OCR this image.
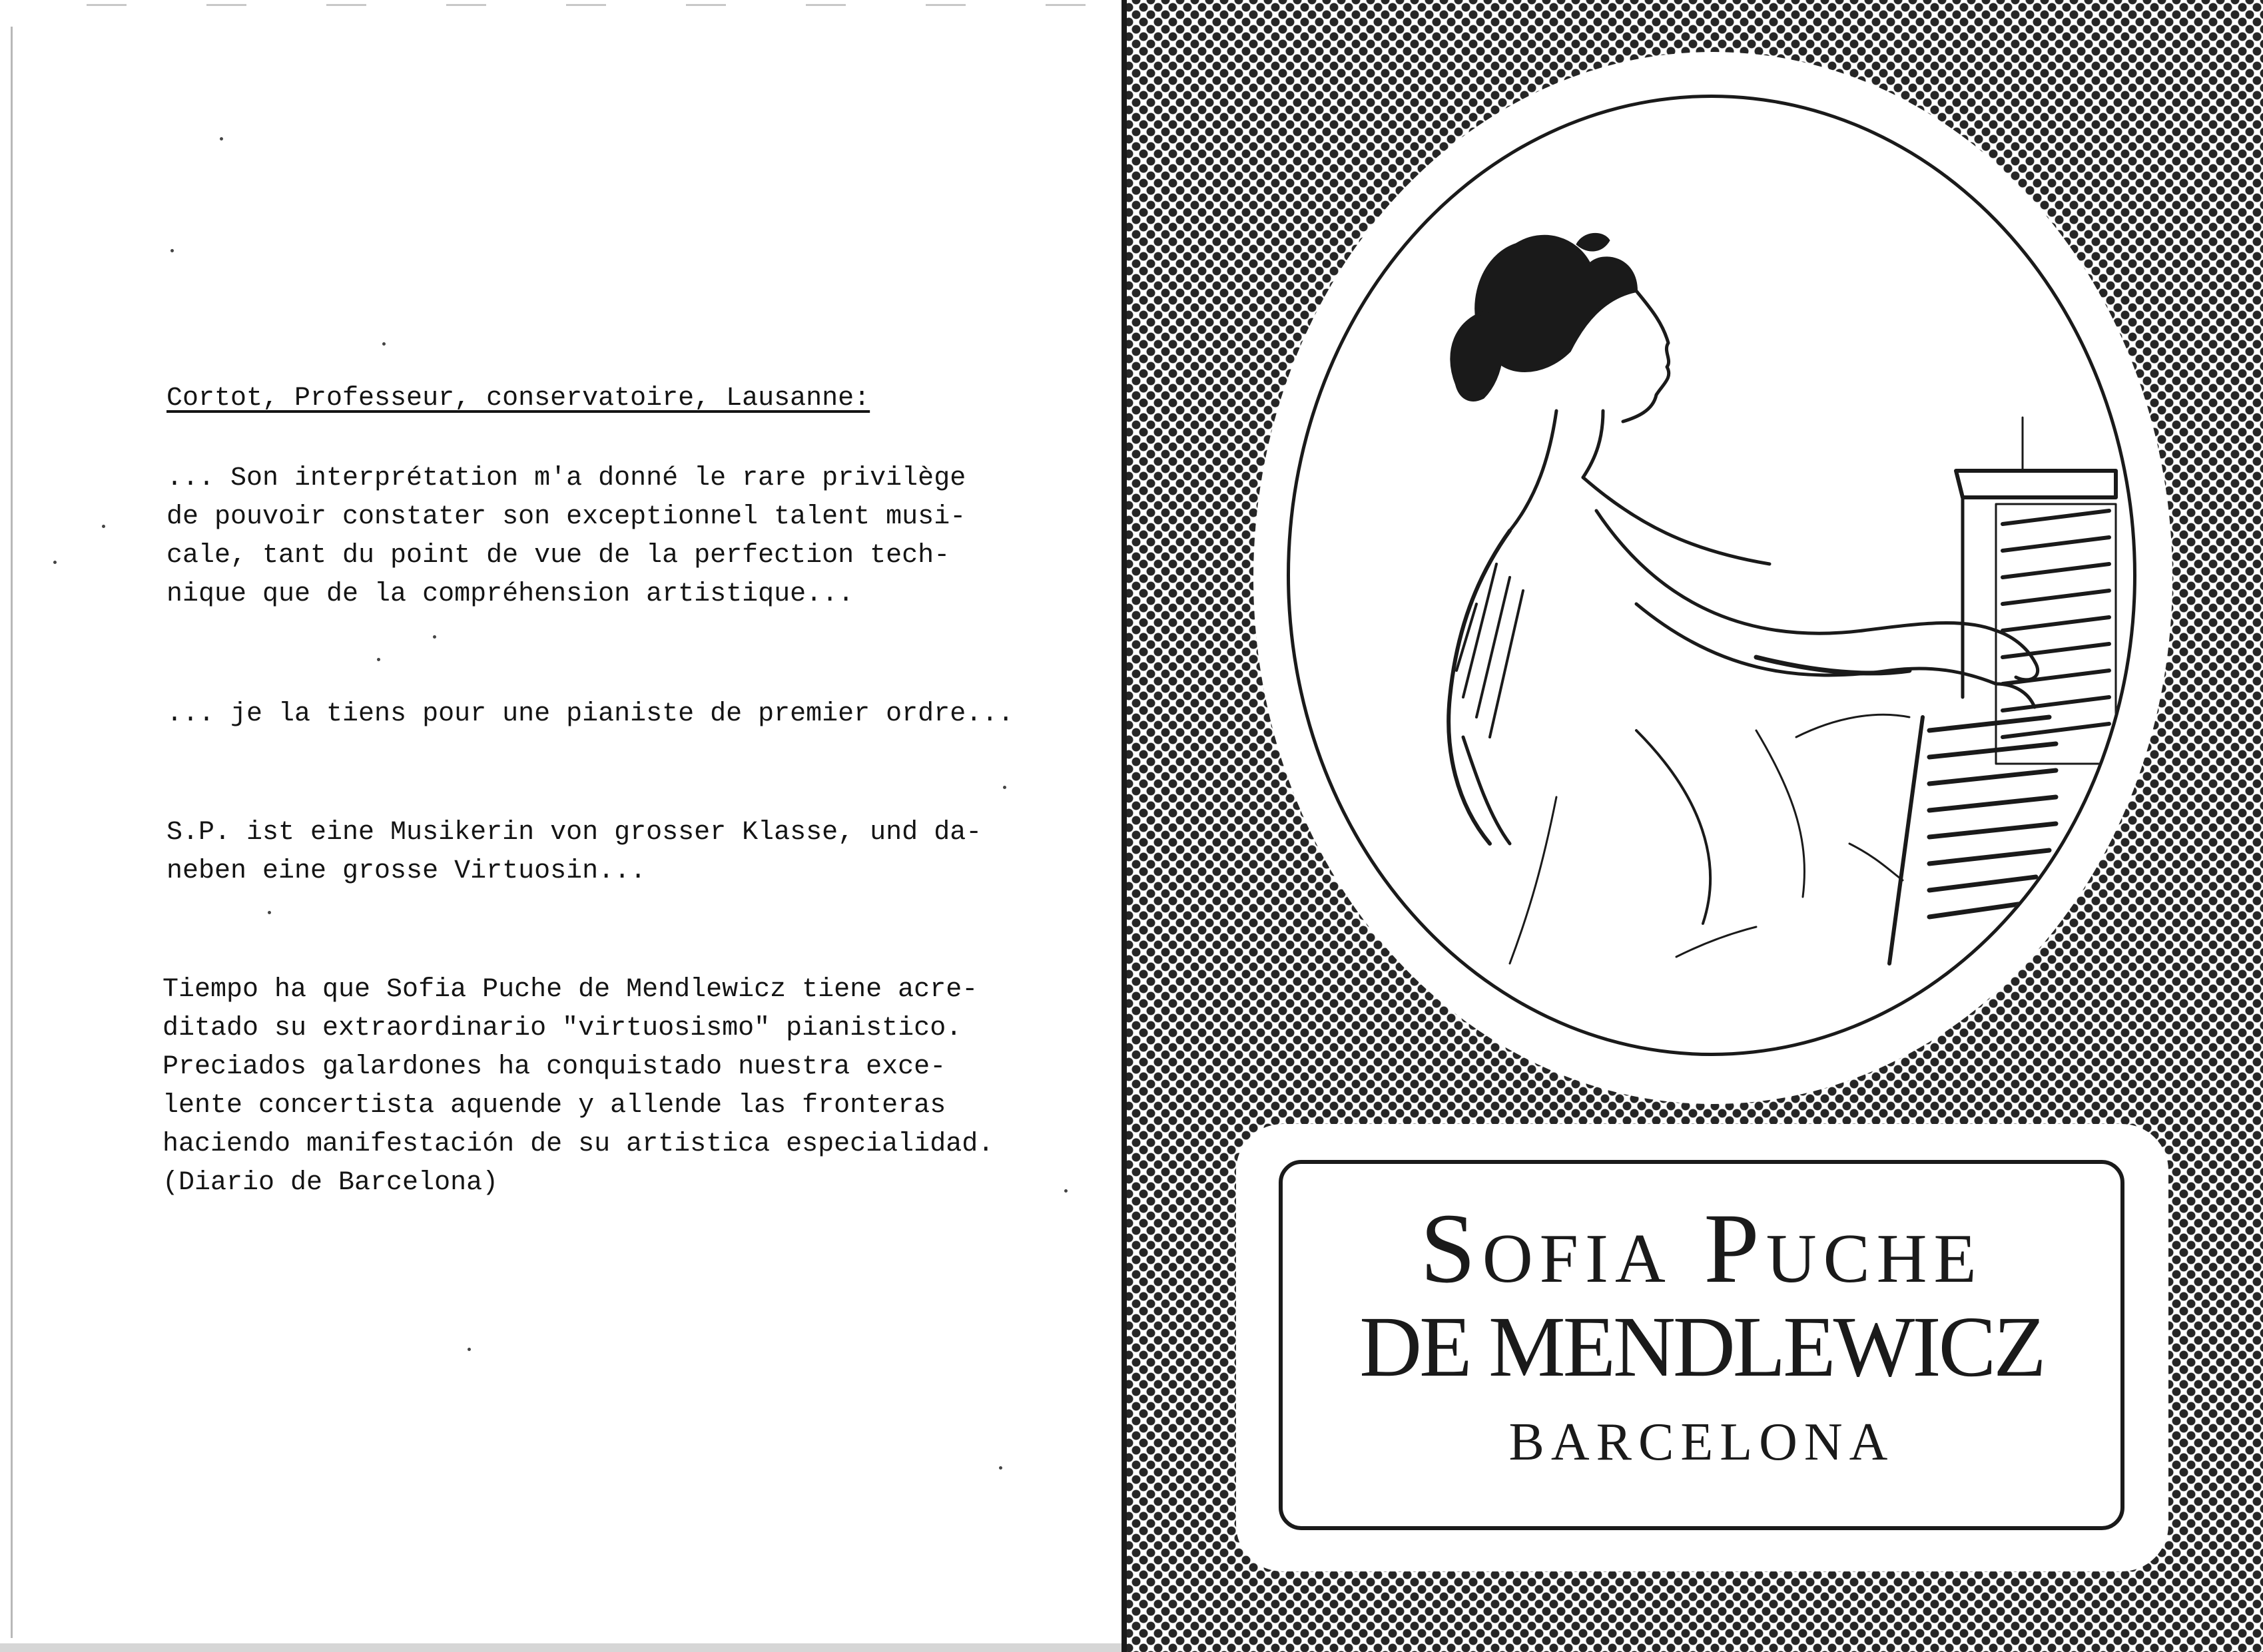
Cortot, Professeur, conservatoire, Lausanne:

... Son interprétation m'a donné le rare privilège
de pouvoir constater son exceptionnel talent musi-
cale, tant du point de vue de la perfection tech-
nique que de la compréhension artistique...

... je la tiens pour une pianiste de premier ordre...

S.P. ist eine Musikerin von grosser Klasse, und da-
neben eine grosse Virtuosin...

Tiempo ha que Sofia Puche de Mendlewicz tiene acre-
ditado su extraordinario "virtuosismo" pianistico.
Preciados galardones ha conquistado nuestra exce-
lente concertista aquende y allende las fronteras
haciendo manifestación de su artistica especialidad.
(Diario de Barcelona)

Sofia Puche
DE MENDLEWICZ
BARCELONA
